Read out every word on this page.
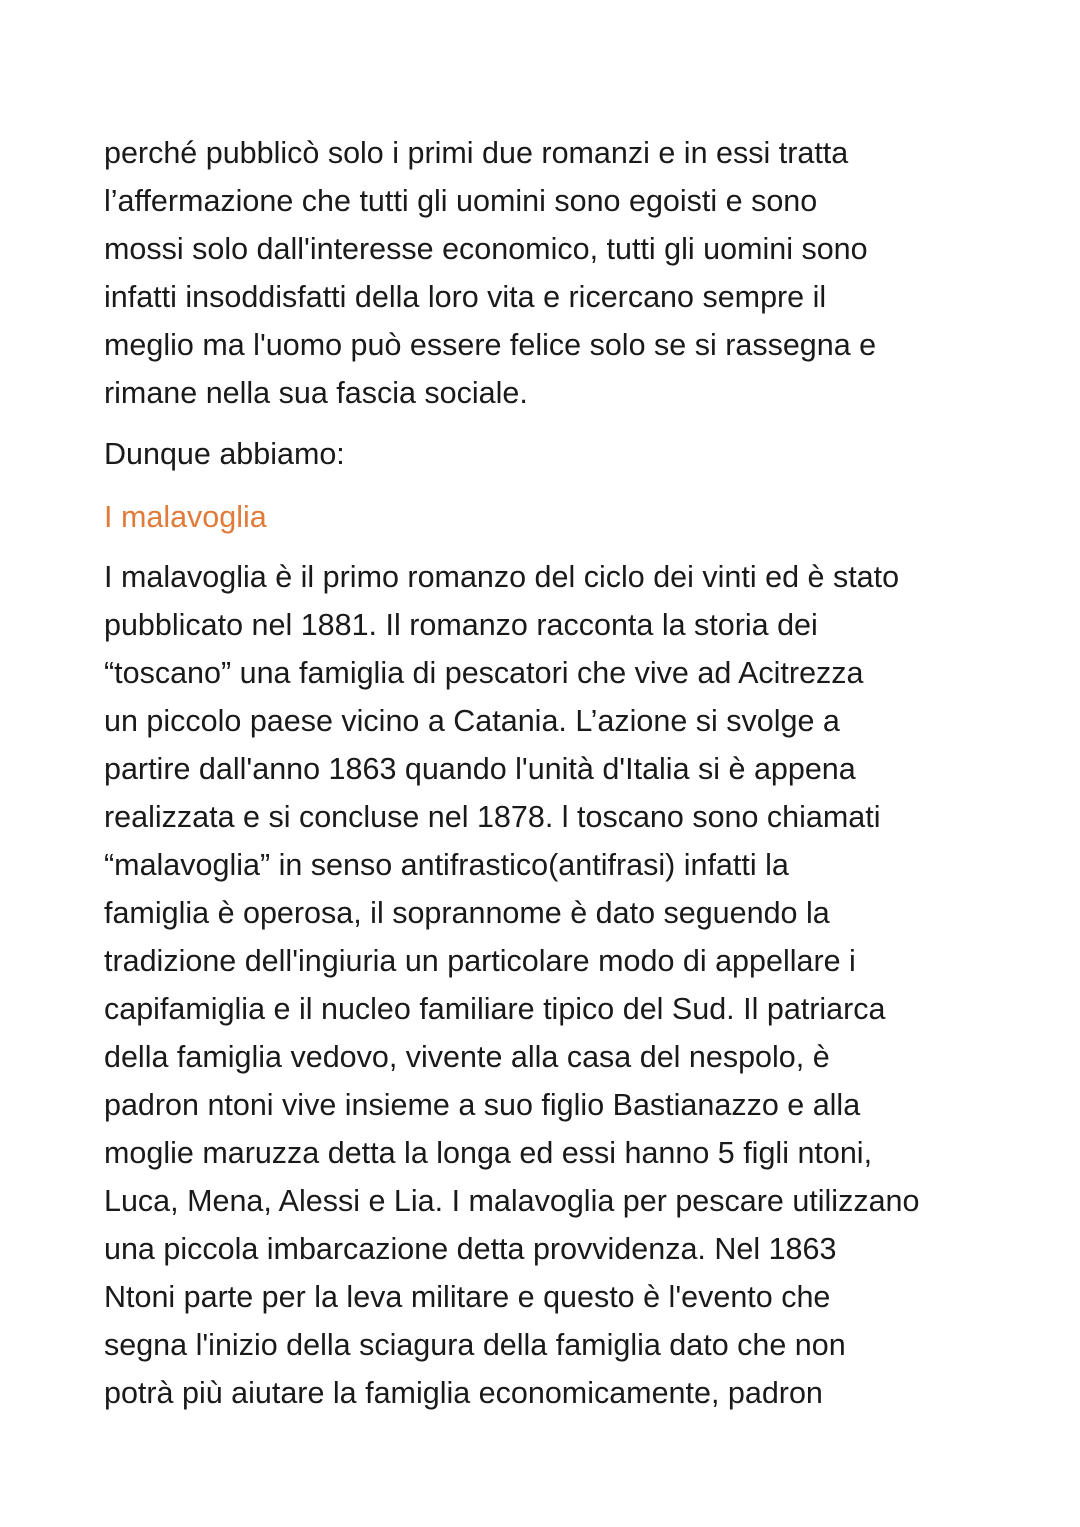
perché pubblicò solo i primi due romanzi e in essi tratta
l’affermazione che tutti gli uomini sono egoisti e sono
mossi solo dall'interesse economico, tutti gli uomini sono
infatti insoddisfatti della loro vita e ricercano sempre il
meglio ma l'uomo può essere felice solo se si rassegna e
rimane nella sua fascia sociale.

Dunque abbiamo:

I malavoglia

I malavoglia è il primo romanzo del ciclo dei vinti ed è stato
pubblicato nel 1881. Il romanzo racconta la storia dei
“toscano” una famiglia di pescatori che vive ad Acitrezza
un piccolo paese vicino a Catania. L’azione si svolge a
partire dall'anno 1863 quando l'unità d'Italia si è appena
realizzata e si concluse nel 1878. l toscano sono chiamati
“malavoglia” in senso antifrastico(antifrasi) infatti la
famiglia è operosa, il soprannome è dato seguendo la
tradizione dell'ingiuria un particolare modo di appellare i
capifamiglia e il nucleo familiare tipico del Sud. Il patriarca
della famiglia vedovo, vivente alla casa del nespolo, è
padron ntoni vive insieme a suo figlio Bastianazzo e alla
moglie maruzza detta la longa ed essi hanno 5 figli ntoni,
Luca, Mena, Alessi e Lia. I malavoglia per pescare utilizzano
una piccola imbarcazione detta provvidenza. Nel 1863
Ntoni parte per la leva militare e questo è l'evento che
segna l'inizio della sciagura della famiglia dato che non
potrà più aiutare la famiglia economicamente, padron
